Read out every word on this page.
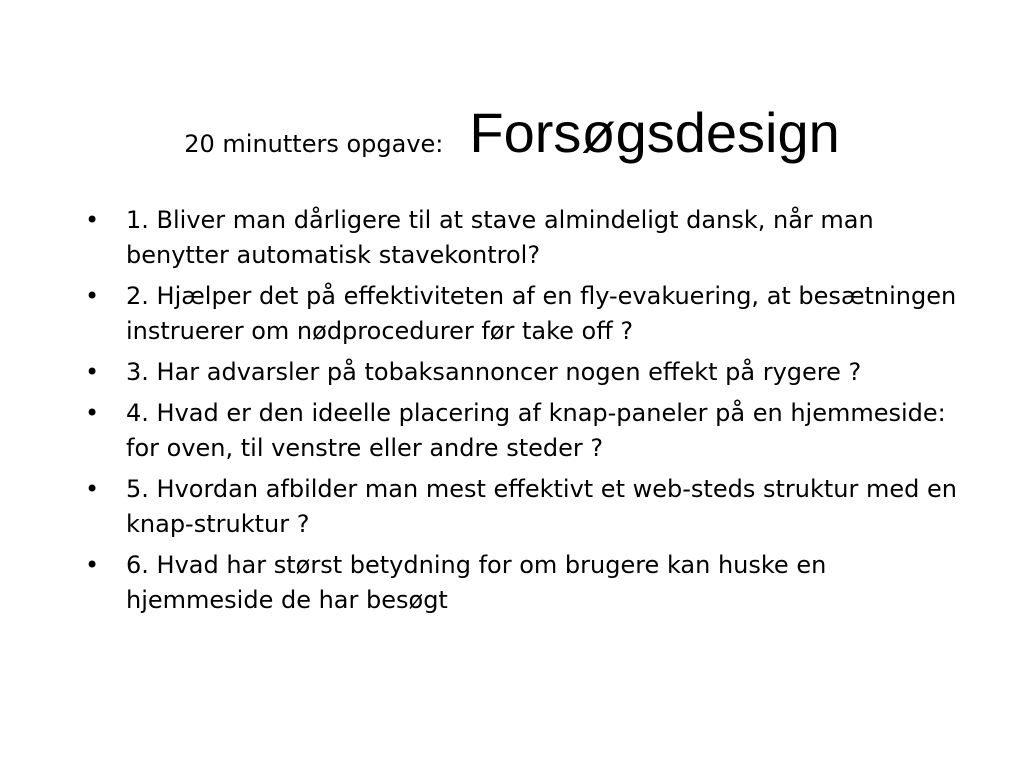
20 minutters opgave: Forsøgsdesign
•	1. Bliver man dårligere til at stave almindeligt dansk, når man benytter automatisk stavekontrol?
•	2. Hjælper det på effektiviteten af en fly-evakuering, at besætningen instruerer om nødprocedurer før take off ?
•	3. Har advarsler på tobaksannoncer nogen effekt på rygere ?
•	4. Hvad er den ideelle placering af knap-paneler på en hjemmeside: for oven, til venstre eller andre steder ?
•	5. Hvordan afbilder man mest effektivt et web-steds struktur med en knap-struktur ?
•	6. Hvad har størst betydning for om brugere kan huske en hjemmeside de har besøgt
